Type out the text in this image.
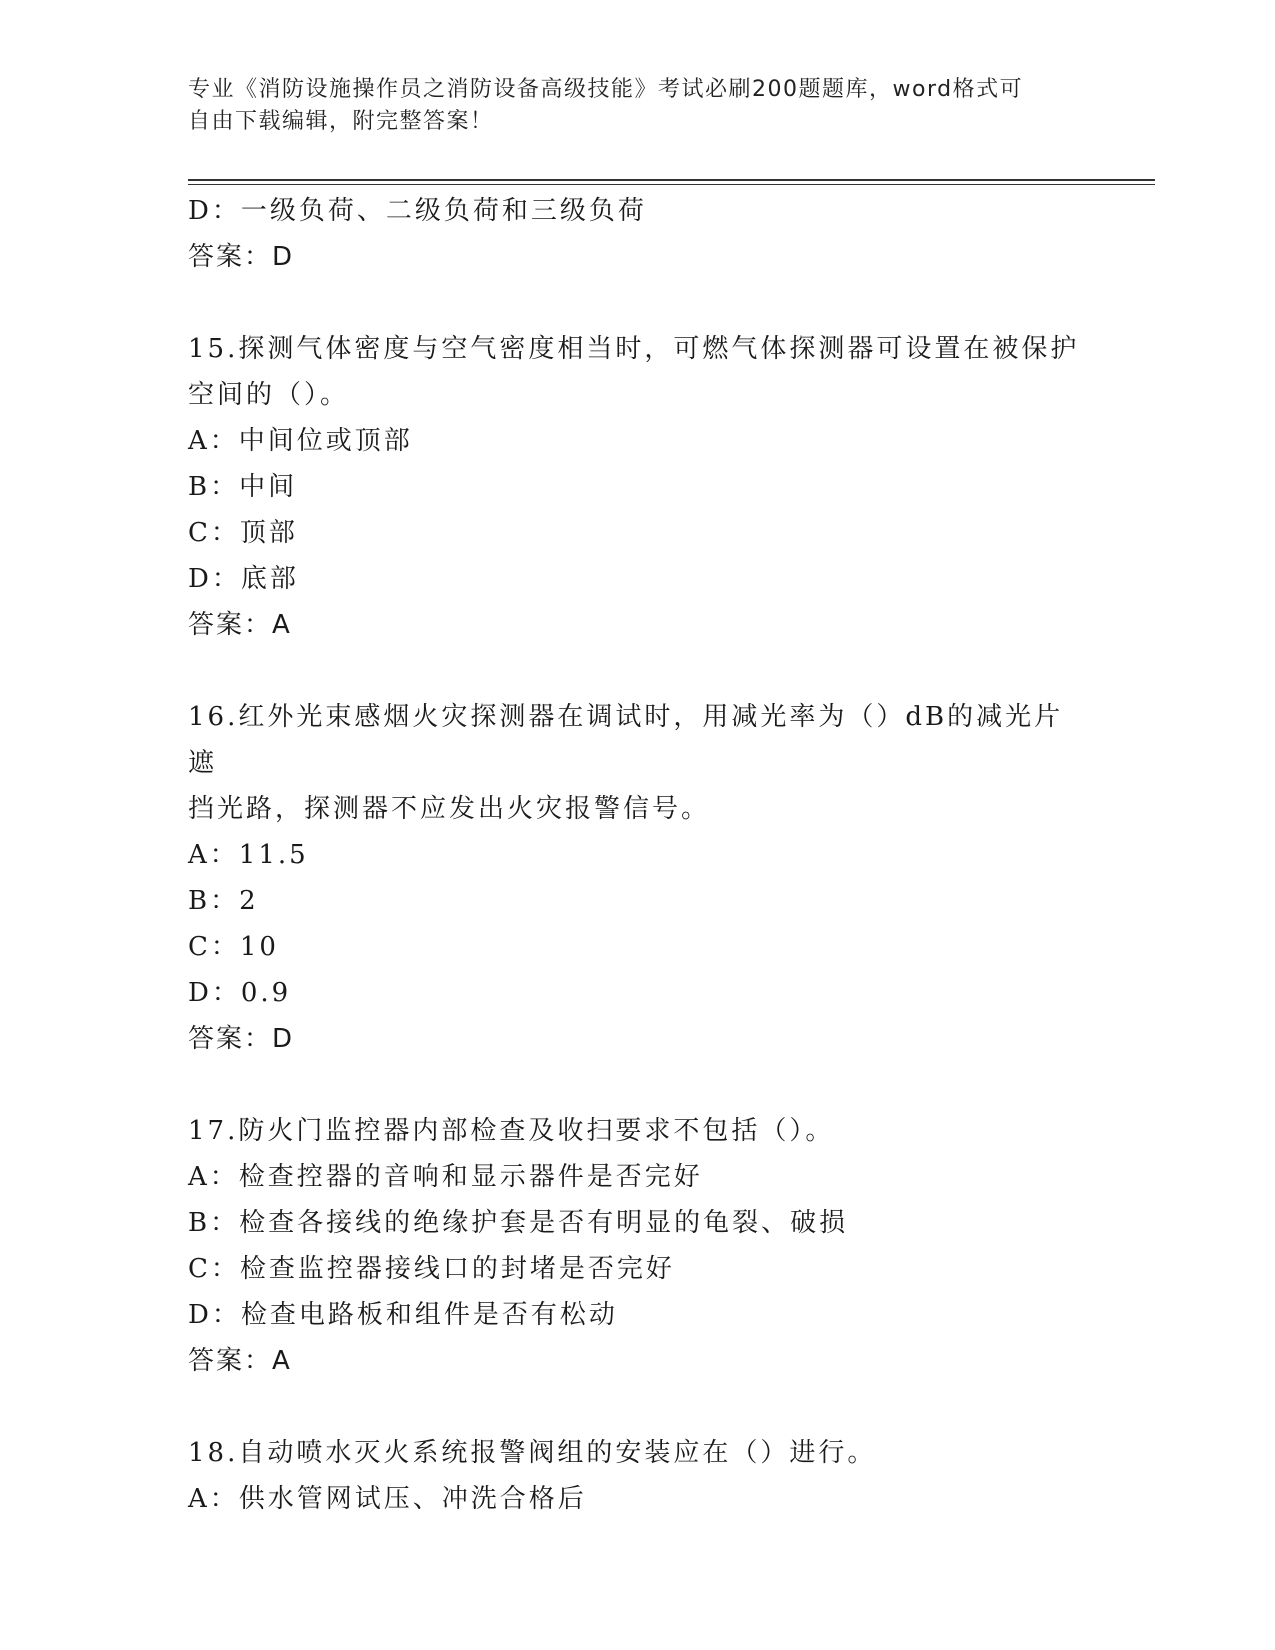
专业《消防设施操作员之消防设备高级技能》考试必刷200题题库，word格式可
自由下载编辑，附完整答案！
D：一级负荷、二级负荷和三级负荷
答案：D
15.探测气体密度与空气密度相当时，可燃气体探测器可设置在被保护
空间的（）。
A：中间位或顶部
B：中间
C：顶部
D：底部
答案：A
16.红外光束感烟火灾探测器在调试时，用减光率为（）dB的减光片遮
挡光路，探测器不应发出火灾报警信号。
A：11.5
B：2
C：10
D：0.9
答案：D
17.防火门监控器内部检查及收扫要求不包括（）。
A：检查控器的音响和显示器件是否完好
B：检查各接线的绝缘护套是否有明显的龟裂、破损
C：检查监控器接线口的封堵是否完好
D：检查电路板和组件是否有松动
答案：A
18.自动喷水灭火系统报警阀组的安装应在（）进行。
A：供水管网试压、冲洗合格后
